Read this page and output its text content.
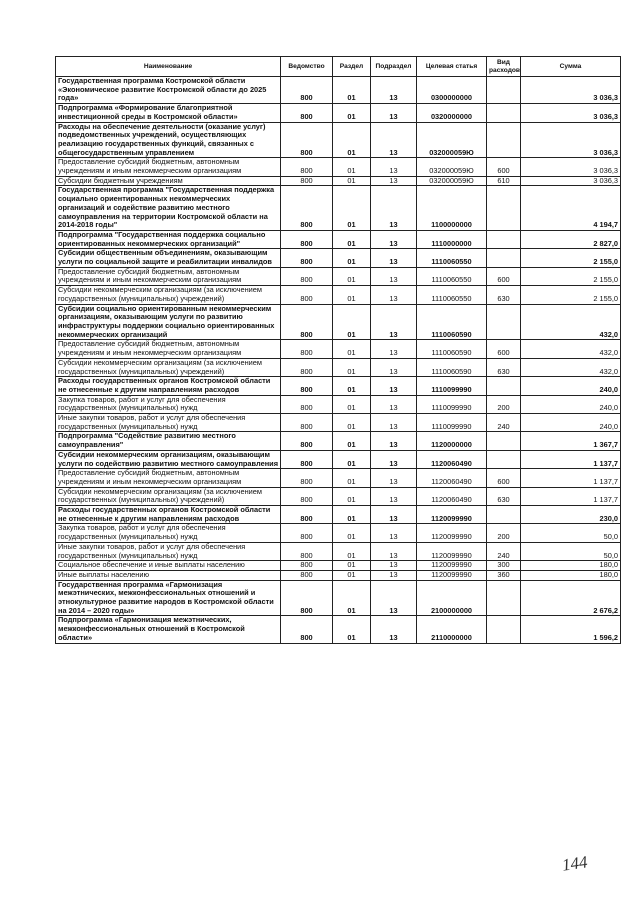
Наименование	Ведомство	Раздел	Подраздел	Целевая статья	Вид расходов	Сумма
Государственная программа Костромской области «Экономическое развитие Костромской области до 2025 года»	800	01	13	0300000000		3 036,3
Подпрограмма «Формирование благоприятной инвестиционной среды в Костромской области»	800	01	13	0320000000		3 036,3
Расходы на обеспечение деятельности (оказание услуг) подведомственных учреждений, осуществляющих реализацию государственных функций, связанных с общегосударственным управлением	800	01	13	032000059Ю		3 036,3
Предоставление субсидий бюджетным, автономным учреждениям и иным некоммерческим организациям	800	01	13	032000059Ю	600	3 036,3
Субсидии бюджетным учреждениям	800	01	13	032000059Ю	610	3 036,3
Государственная программа "Государственная поддержка социально ориентированных некоммерческих организаций и содействие развитию местного самоуправления на территории Костромской области на 2014-2018 годы"	800	01	13	1100000000		4 194,7
Подпрограмма "Государственная поддержка социально ориентированных некоммерческих организаций"	800	01	13	1110000000		2 827,0
Субсидии общественным объединениям, оказывающим услуги по социальной защите и реабилитации инвалидов	800	01	13	1110060550		2 155,0
Предоставление субсидий бюджетным, автономным учреждениям и иным некоммерческим организациям	800	01	13	1110060550	600	2 155,0
Субсидии некоммерческим организациям (за исключением государственных (муниципальных) учреждений)	800	01	13	1110060550	630	2 155,0
Субсидии социально ориентированным некоммерческим организациям, оказывающим услуги по развитию инфраструктуры поддержки социально ориентированных некоммерческих организаций	800	01	13	1110060590		432,0
Предоставление субсидий бюджетным, автономным учреждениям и иным некоммерческим организациям	800	01	13	1110060590	600	432,0
Субсидии некоммерческим организациям (за исключением государственных (муниципальных) учреждений)	800	01	13	1110060590	630	432,0
Расходы государственных органов Костромской области не отнесенные к другим направлениям расходов	800	01	13	1110099990		240,0
Закупка товаров, работ и услуг для обеспечения государственных (муниципальных) нужд	800	01	13	1110099990	200	240,0
Иные закупки товаров, работ и услуг для обеспечения государственных (муниципальных) нужд	800	01	13	1110099990	240	240,0
Подпрограмма "Содействие развитию местного самоуправления"	800	01	13	1120000000		1 367,7
Субсидии некоммерческим организациям, оказывающим услуги по содействию развитию местного самоуправления	800	01	13	1120060490		1 137,7
Предоставление субсидий бюджетным, автономным учреждениям и иным некоммерческим организациям	800	01	13	1120060490	600	1 137,7
Субсидии некоммерческим организациям (за исключением государственных (муниципальных) учреждений)	800	01	13	1120060490	630	1 137,7
Расходы государственных органов Костромской области не отнесенные к другим направлениям расходов	800	01	13	1120099990		230,0
Закупка товаров, работ и услуг для обеспечения государственных (муниципальных) нужд	800	01	13	1120099990	200	50,0
Иные закупки товаров, работ и услуг для обеспечения государственных (муниципальных) нужд	800	01	13	1120099990	240	50,0
Социальное обеспечение и иные выплаты населению	800	01	13	1120099990	300	180,0
Иные выплаты населению	800	01	13	1120099990	360	180,0
Государственная программа «Гармонизация межэтнических, межконфессиональных отношений и этнокультурное развитие народов в Костромской области на 2014 – 2020 годы»	800	01	13	2100000000		2 676,2
Подпрограмма «Гармонизация межэтнических, межконфессиональных отношений в Костромской области»	800	01	13	2110000000		1 596,2
144
